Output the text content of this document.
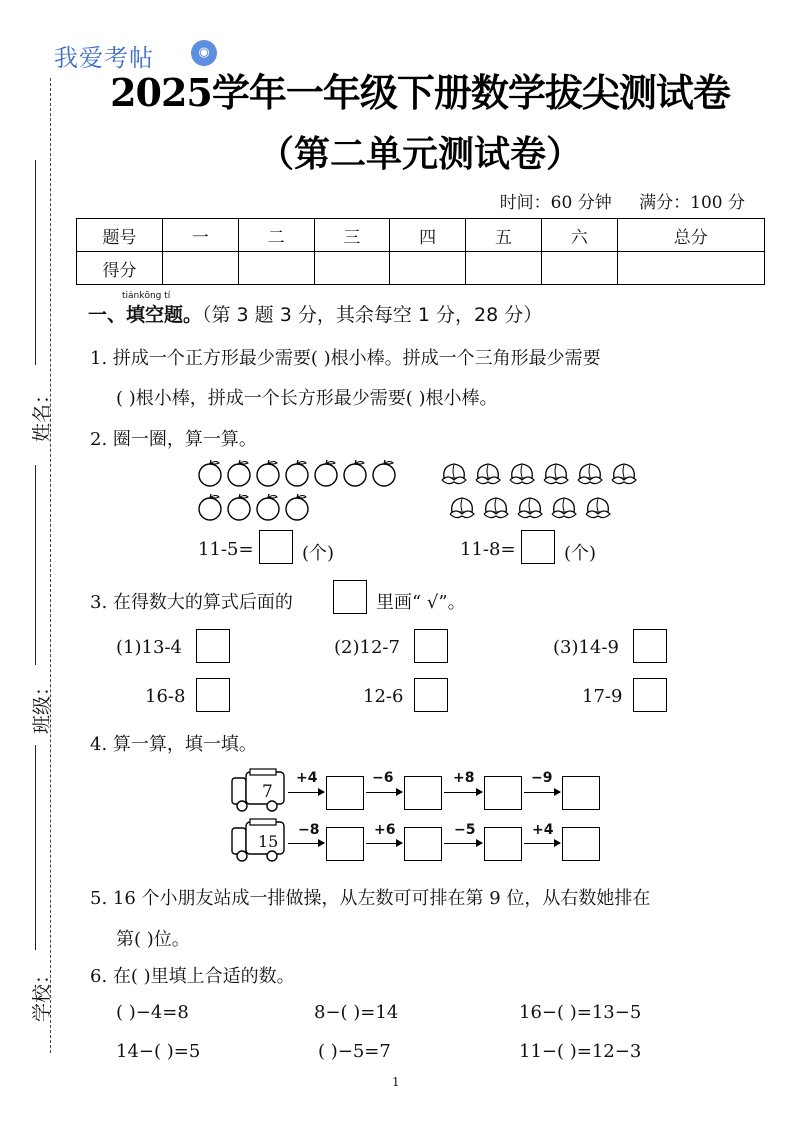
我爱考帖	◉
姓名：
班级：
学校：
2025学年一年级下册数学拔尖测试卷
（第二单元测试卷）
时间：60 分钟 满分：100 分
题号	一	二	三	四	五	六	总分
得分							
tiánkōng tí
一、填空题。（第 3 题 3 分，其余每空 1 分，28 分）
1. 拼成一个正方形最少需要( )根小棒。拼成一个三角形最少需要
( )根小棒，拼成一个长方形最少需要( )根小棒。
2. 圈一圈，算一算。
11-5=	(个)	11-8=	(个)
3. 在得数大的算式后面的	里画“ √”。
(1)13-4	(2)12-7	(3)14-9
16-8	12-6	17-9
4. 算一算，填一填。
7
+4	−6	+8	−9
15
−8	+6	−5	+4
5. 16 个小朋友站成一排做操，从左数可可排在第 9 位，从右数她排在
第( )位。
6. 在( )里填上合适的数。
( )−4=8	8−( )=14	16−( )=13−5
14−( )=5	( )−5=7	11−( )=12−3
1
